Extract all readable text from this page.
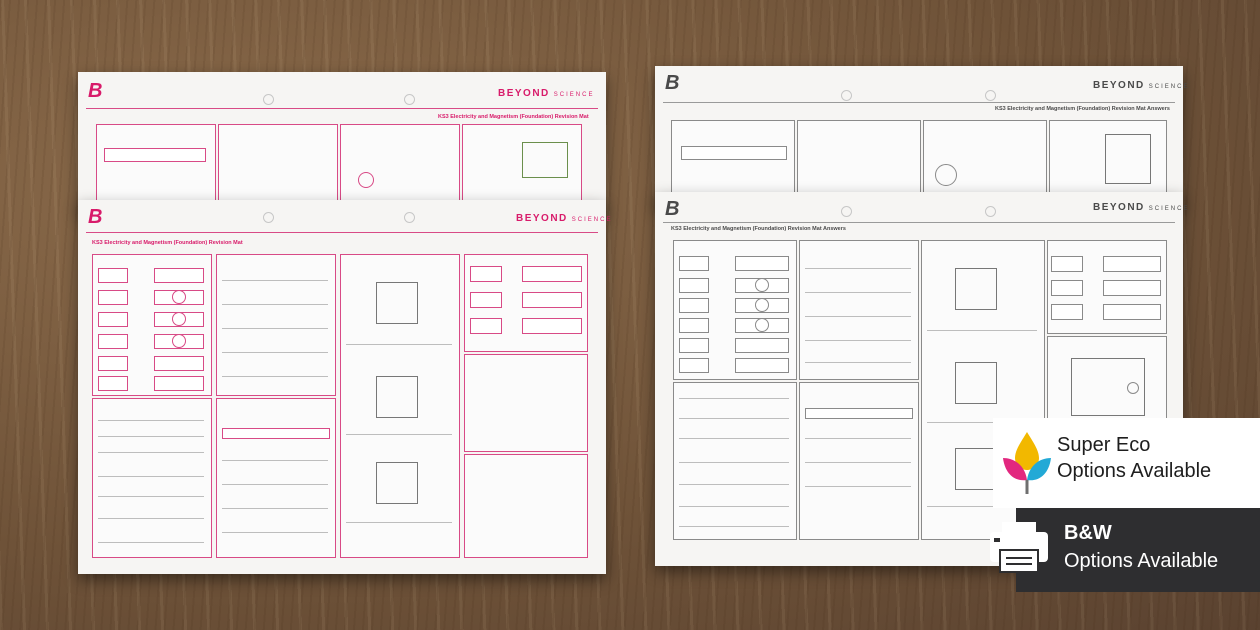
B	BEYOND SCIENCE
KS3 Electricity and Magnetism (Foundation) Revision Mat
B	BEYOND SCIENCE
KS3 Electricity and Magnetism (Foundation) Revision Mat
B	BEYOND SCIENCE
KS3 Electricity and Magnetism (Foundation) Revision Mat Answers
B	BEYOND SCIENCE
KS3 Electricity and Magnetism (Foundation) Revision Mat Answers
Super Eco
Options Available
B&W
Options Available
